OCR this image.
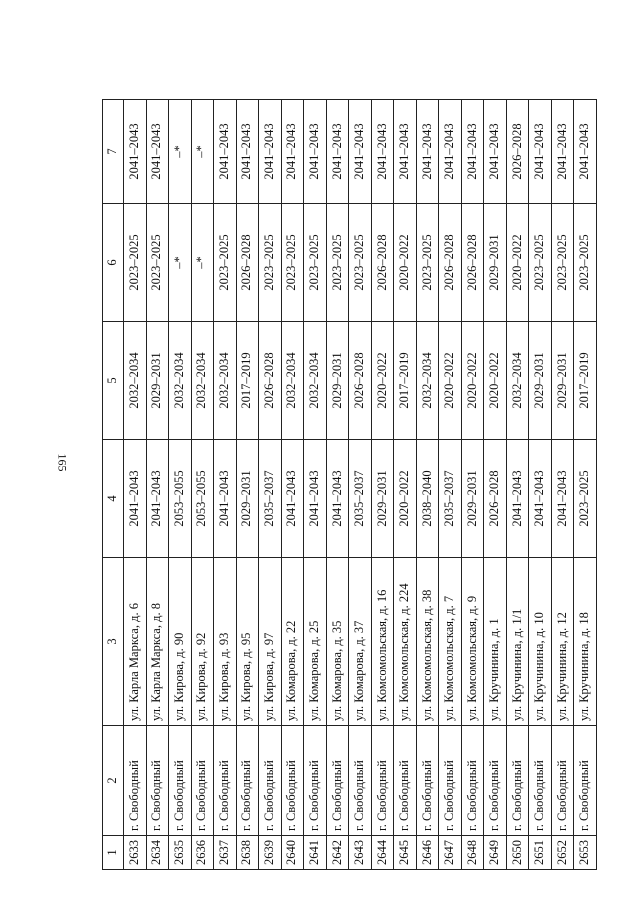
165
1	2	3	4	5	6	7
2633	г. Свободный	ул. Карла Маркса, д. 6	2041–2043	2032–2034	2023–2025	2041–2043
2634	г. Свободный	ул. Карла Маркса, д. 8	2041–2043	2029–2031	2023–2025	2041–2043
2635	г. Свободный	ул. Кирова, д. 90	2053–2055	2032–2034	–*	–*
2636	г. Свободный	ул. Кирова, д. 92	2053–2055	2032–2034	–*	–*
2637	г. Свободный	ул. Кирова, д. 93	2041–2043	2032–2034	2023–2025	2041–2043
2638	г. Свободный	ул. Кирова, д. 95	2029–2031	2017–2019	2026–2028	2041–2043
2639	г. Свободный	ул. Кирова, д. 97	2035–2037	2026–2028	2023–2025	2041–2043
2640	г. Свободный	ул. Комарова, д. 22	2041–2043	2032–2034	2023–2025	2041–2043
2641	г. Свободный	ул. Комарова, д. 25	2041–2043	2032–2034	2023–2025	2041–2043
2642	г. Свободный	ул. Комарова, д. 35	2041–2043	2029–2031	2023–2025	2041–2043
2643	г. Свободный	ул. Комарова, д. 37	2035–2037	2026–2028	2023–2025	2041–2043
2644	г. Свободный	ул. Комсомольская, д. 16	2029–2031	2020–2022	2026–2028	2041–2043
2645	г. Свободный	ул. Комсомольская, д. 224	2020–2022	2017–2019	2020–2022	2041–2043
2646	г. Свободный	ул. Комсомольская, д. 38	2038–2040	2032–2034	2023–2025	2041–2043
2647	г. Свободный	ул. Комсомольская, д. 7	2035–2037	2020–2022	2026–2028	2041–2043
2648	г. Свободный	ул. Комсомольская, д. 9	2029–2031	2020–2022	2026–2028	2041–2043
2649	г. Свободный	ул. Кручинина, д. 1	2026–2028	2020–2022	2029–2031	2041–2043
2650	г. Свободный	ул. Кручинина, д. 1/1	2041–2043	2032–2034	2020–2022	2026–2028
2651	г. Свободный	ул. Кручинина, д. 10	2041–2043	2029–2031	2023–2025	2041–2043
2652	г. Свободный	ул. Кручинина, д. 12	2041–2043	2029–2031	2023–2025	2041–2043
2653	г. Свободный	ул. Кручинина, д. 18	2023–2025	2017–2019	2023–2025	2041–2043
